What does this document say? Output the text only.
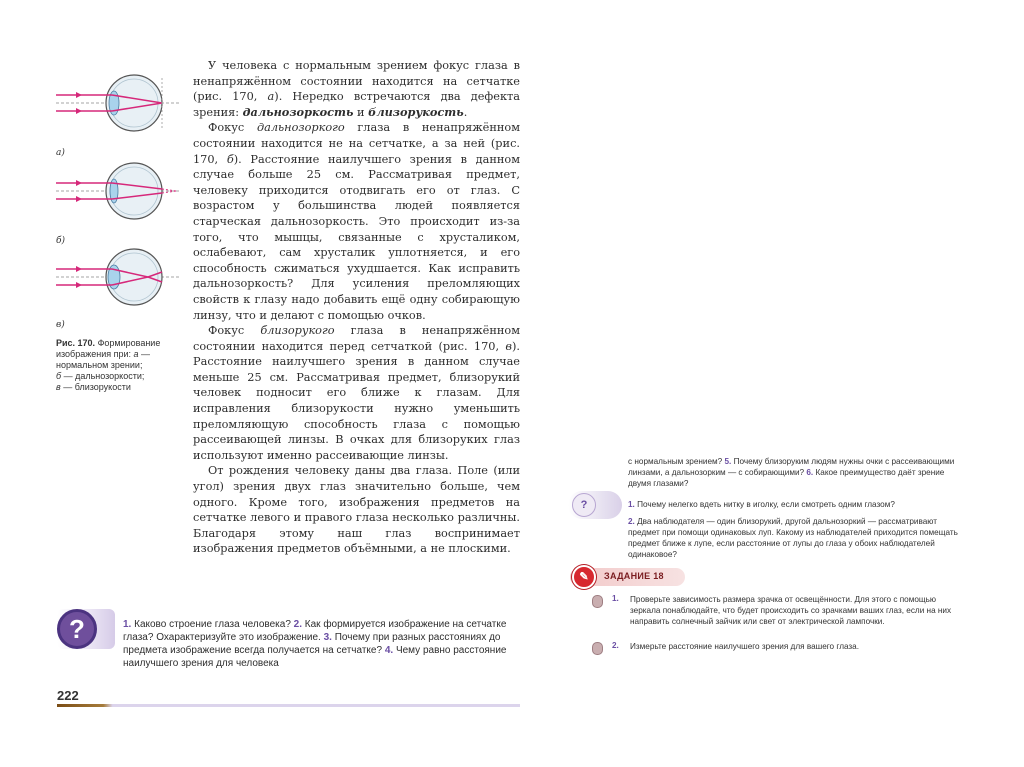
а)
б)
в)
Рис. 170. Формирование изображения при: а — нормальном зрении;
б — дальнозоркости;
в — близорукости

У человека с нормальным зрением фокус глаза в ненапряжённом состоянии находится на сетчатке (рис. 170, а). Нередко встречаются два дефекта зрения: дальнозоркость и близорукость.

Фокус дальнозоркого глаза в ненапряжённом состоянии находится не на сетчатке, а за ней (рис. 170, б). Расстояние наилучшего зрения в данном случае больше 25 см. Рассматривая предмет, человеку приходится отодвигать его от глаз. С возрастом у большинства людей появляется старческая дальнозоркость. Это происходит из-за того, что мышцы, связанные с хрусталиком, ослабевают, сам хрусталик уплотняется, и его способность сжиматься ухудшается. Как исправить дальнозоркость? Для усиления преломляющих свойств к глазу надо добавить ещё одну собирающую линзу, что и делают с помощью очков.

Фокус близорукого глаза в ненапряжённом состоянии находится перед сетчаткой (рис. 170, в). Расстояние наилучшего зрения в данном случае меньше 25 см. Рассматривая предмет, близорукий человек подносит его ближе к глазам. Для исправления близорукости нужно уменьшить преломляющую способность глаза с помощью рассеивающей линзы. В очках для близоруких глаз используют именно рассеивающие линзы.

От рождения человеку даны два глаза. Поле (или угол) зрения двух глаз значительно больше, чем одного. Кроме того, изображения предметов на сетчатке левого и правого глаза несколько различны. Благодаря этому наш глаз воспринимает изображения предметов объёмными, а не плоскими.

?	1. Каково строение глаза человека? 2. Как формируется изображение на сетчатке глаза? Охарактеризуйте это изображение. 3. Почему при разных расстояниях до предмета изображение всегда получается на сетчатке? 4. Чему равно расстояние наилучшего зрения для человека
222
с нормальным зрением? 5. Почему близоруким людям нужны очки с рассеивающими линзами, а дальнозорким — с собирающими? 6. Какое преимущество даёт зрение двумя глазами?
?	1. Почему нелегко вдеть нитку в иголку, если смотреть одним глазом?
2. Два наблюдателя — один близорукий, другой дальнозоркий — рассматривают предмет при помощи одинаковых луп. Какому из наблюдателей приходится помещать предмет ближе к лупе, если расстояние от лупы до глаза у обоих наблюдателей одинаковое?
✎	ЗАДАНИЕ 18
1. Проверьте зависимость размера зрачка от освещённости. Для этого с помощью зеркала понаблюдайте, что будет происходить со зрачками ваших глаз, если на них направить солнечный зайчик или свет от электрической лампочки.
2. Измерьте расстояние наилучшего зрения для вашего глаза.
